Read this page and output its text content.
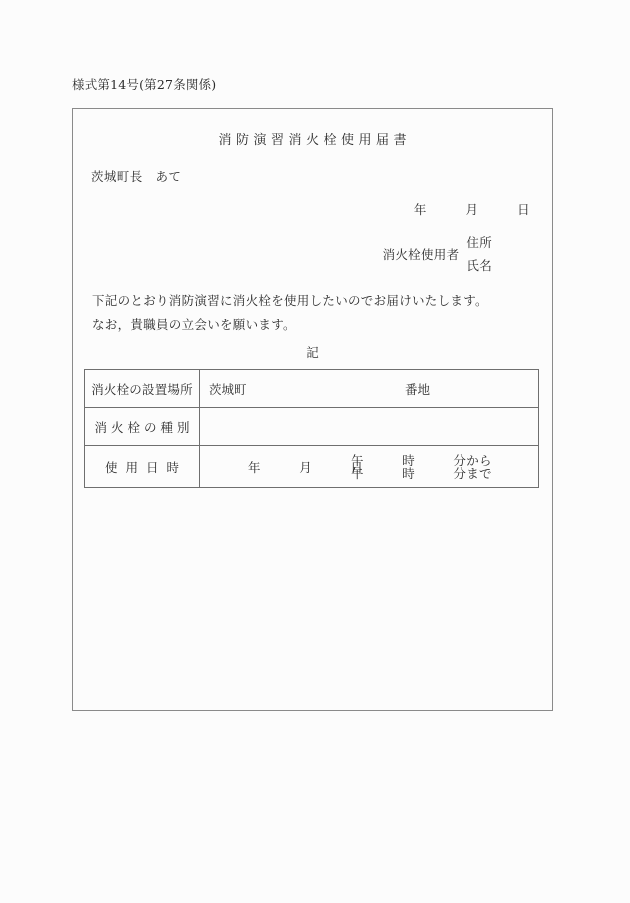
様式第14号(第27条関係)
消防演習消火栓使用届書
茨城町長　あて
年　　　月　　　日
消火栓使用者
住所
氏名
下記のとおり消防演習に消火栓を使用したいのでお届けいたします。
なお，貴職員の立会いを願います。
記
消火栓の設置場所	茨城町 番地

消火栓の種別	
使用日時	年　　　月　　　日
午　　　時　　　分から
午　　　時　　　分まで
